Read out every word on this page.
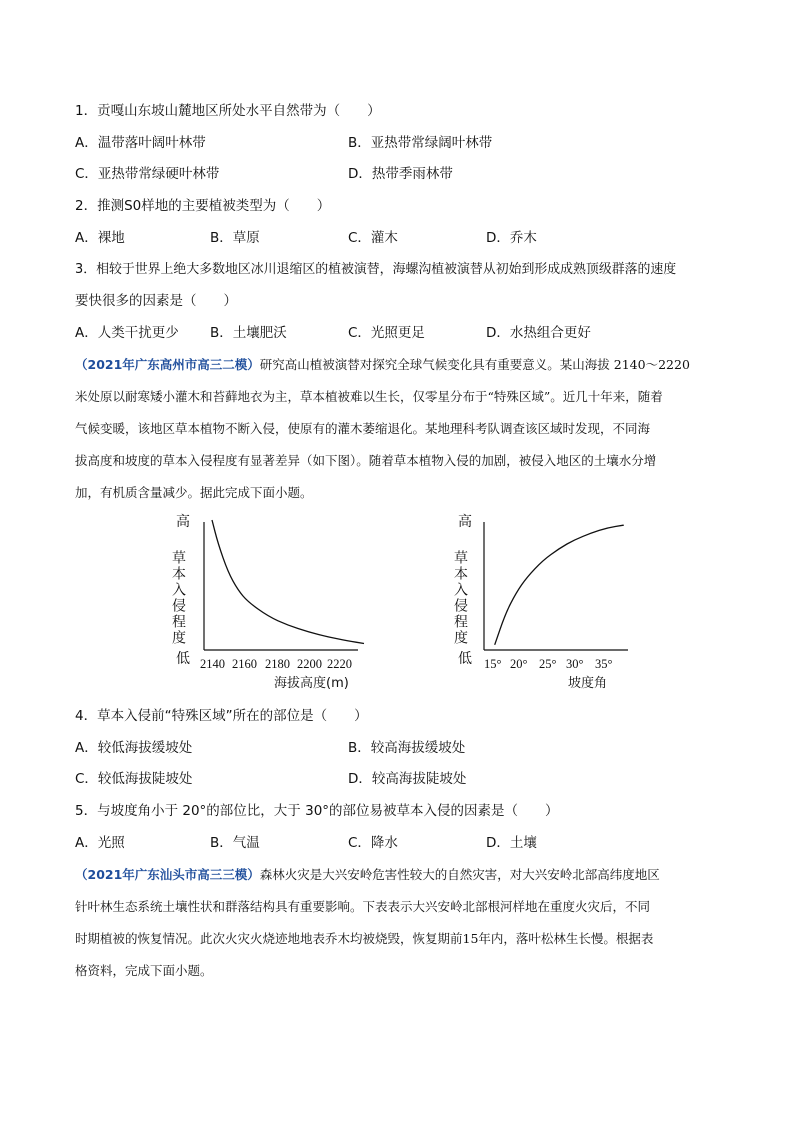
1．贡嘎山东坡山麓地区所处水平自然带为（　　）
A．温带落叶阔叶林带	B．亚热带常绿阔叶林带
C．亚热带常绿硬叶林带	D．热带季雨林带
2．推测S0样地的主要植被类型为（　　）
A．裸地	B．草原	C．灌木	D．乔木
3．相较于世界上绝大多数地区冰川退缩区的植被演替，海螺沟植被演替从初始到形成成熟顶级群落的速度
要快很多的因素是（　　）
A．人类干扰更少 B．土壤肥沃	C．光照更足	D．水热组合更好
（2021年广东高州市高三二模）研究高山植被演替对探究全球气候变化具有重要意义。某山海拔 2140～2220
米处原以耐寒矮小灌木和苔藓地衣为主，草本植被难以生长，仅零星分布于“特殊区域”。近几十年来，随着
气候变暖，该地区草本植物不断入侵，使原有的灌木萎缩退化。某地理科考队调查该区域时发现，不同海
拔高度和坡度的草本入侵程度有显著差异（如下图）。随着草本植物入侵的加剧，被侵入地区的土壤水分增
加，有机质含量减少。据此完成下面小题。
高
草本入侵程度
低 2140 2160 2180 2200 2220
海拔高度(m)
高
草本入侵程度
低 15° 20° 25° 30° 35°
坡度角
4．草本入侵前“特殊区域”所在的部位是（　　）
A．较低海拔缓坡处	B．较高海拔缓坡处
C．较低海拔陡坡处	D．较高海拔陡坡处
5．与坡度角小于 20°的部位比，大于 30°的部位易被草本入侵的因素是（　　）
A．光照	B．气温	C．降水	D．土壤
（2021年广东汕头市高三三模）森林火灾是大兴安岭危害性较大的自然灾害，对大兴安岭北部高纬度地区
针叶林生态系统土壤性状和群落结构具有重要影响。下表表示大兴安岭北部根河样地在重度火灾后，不同
时期植被的恢复情况。此次火灾火烧迹地地表乔木均被烧毁，恢复期前15年内，落叶松林生长慢。根据表
格资料，完成下面小题。
